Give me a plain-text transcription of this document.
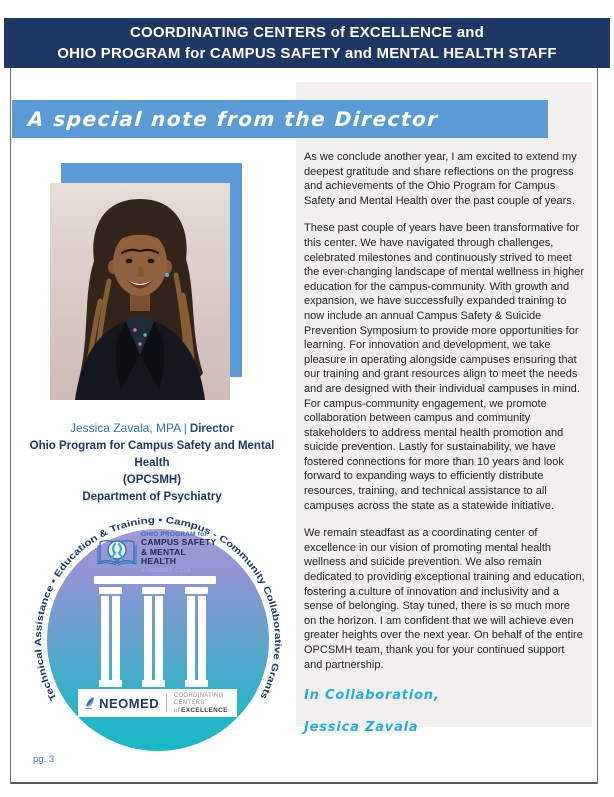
COORDINATING CENTERS of EXCELLENCE and
OHIO PROGRAM for CAMPUS SAFETY and MENTAL HEALTH STAFF
A special note from the Director
Jessica Zavala, MPA | Director
Ohio Program for Campus Safety and Mental Health
(OPCSMH)
Department of Psychiatry
Technical Assistance • Education & Training • Campus - Community Collaborative Grants
OHIO PROGRAM for
CAMPUS SAFETY
& MENTAL HEALTH
A NEOMED CCoE
NEOMED COORDINATING CENTERS
of EXCELLENCE

As we conclude another year, I am excited to extend my deepest gratitude and share reflections on the progress and achievements of the Ohio Program for Campus Safety and Mental Health over the past couple of years.

These past couple of years have been transformative for this center. We have navigated through challenges, celebrated milestones and continuously strived to meet the ever-changing landscape of mental wellness in higher education for the campus-community. With growth and expansion, we have successfully expanded training to now include an annual Campus Safety & Suicide Prevention Symposium to provide more opportunities for learning. For innovation and development, we take pleasure in operating alongside campuses ensuring that our training and grant resources align to meet the needs and are designed with their individual campuses in mind. For campus-community engagement, we promote collaboration between campus and community stakeholders to address mental health promotion and suicide prevention. Lastly for sustainability, we have fostered connections for more than 10 years and look forward to expanding ways to efficiently distribute resources, training, and technical assistance to all campuses across the state as a statewide initiative.

We remain steadfast as a coordinating center of excellence in our vision of promoting mental health wellness and suicide prevention. We also remain dedicated to providing exceptional training and education, fostering a culture of innovation and inclusivity and a sense of belonging. Stay tuned, there is so much more on the horizon. I am confident that we will achieve even greater heights over the next year. On behalf of the entire OPCSMH team, thank you for your continued support and partnership.

In Collaboration,
Jessica Zavala
pg. 3
